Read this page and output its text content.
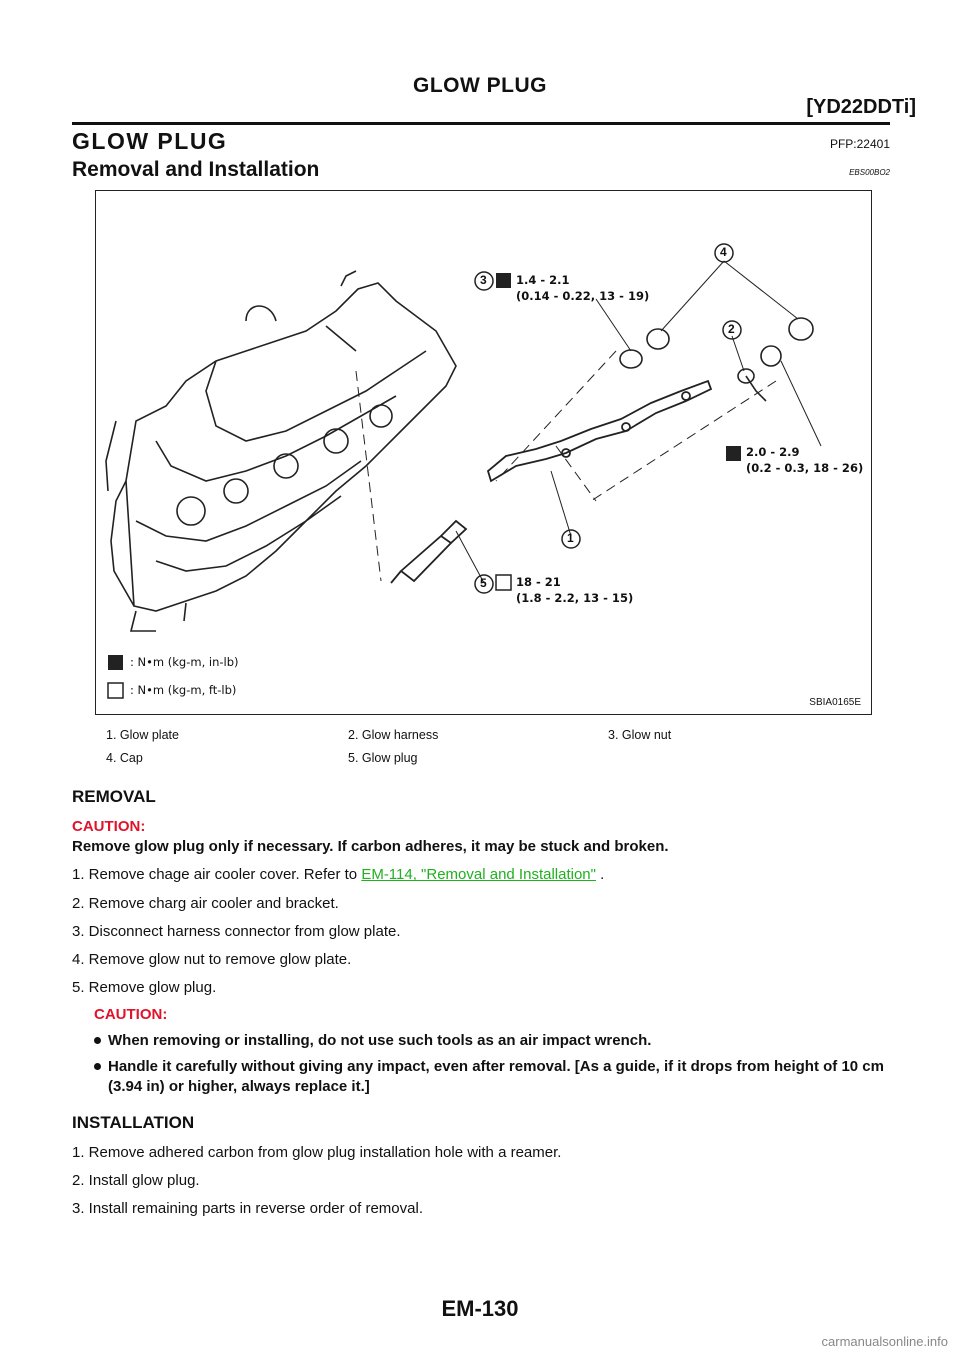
GLOW PLUG
[YD22DDTi]
GLOW PLUG	PFP:22401
Removal and Installation	EBS00BO2
3	1.4 - 2.1
(0.14 - 0.22, 13 - 19)
4
2
2.0 - 2.9
(0.2 - 0.3, 18 - 26)
1
5	18 - 21
(1.8 - 2.2, 13 - 15)
: N•m (kg-m, in-lb)
: N•m (kg-m, ft-lb)
SBIA0165E
1. Glow plate	2. Glow harness	3. Glow nut
4. Cap	5. Glow plug
REMOVAL
CAUTION:
Remove glow plug only if necessary. If carbon adheres, it may be stuck and broken.
1. Remove chage air cooler cover. Refer to EM-114, "Removal and Installation" .
2. Remove charg air cooler and bracket.
3. Disconnect harness connector from glow plate.
4. Remove glow nut to remove glow plate.
5. Remove glow plug.
CAUTION:
When removing or installing, do not use such tools as an air impact wrench.
Handle it carefully without giving any impact, even after removal. [As a guide, if it drops from height of 10 cm (3.94 in) or higher, always replace it.]
INSTALLATION
1. Remove adhered carbon from glow plug installation hole with a reamer.
2. Install glow plug.
3. Install remaining parts in reverse order of removal.
EM-130
carmanualsonline.info
